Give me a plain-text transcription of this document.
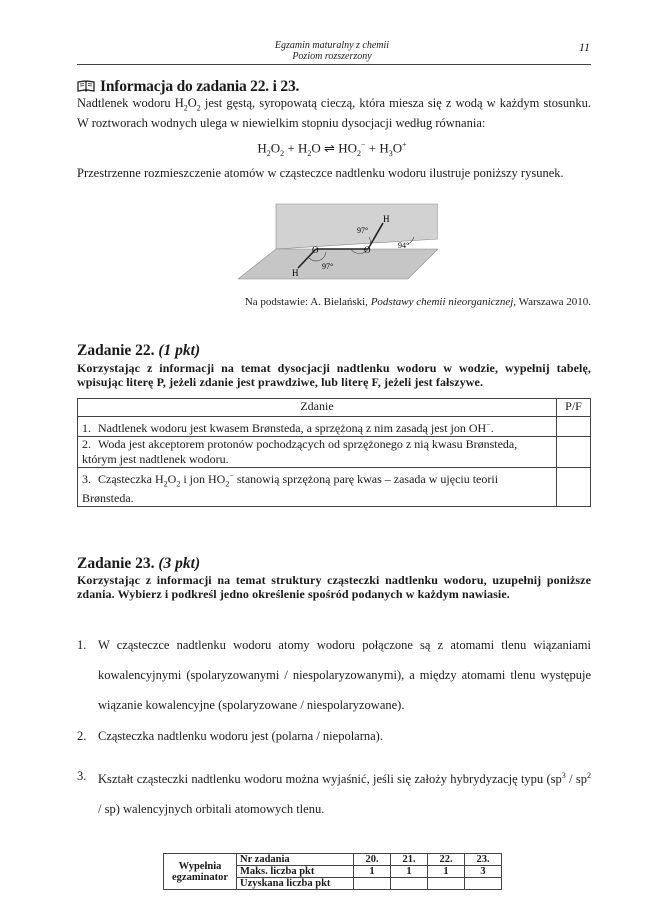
Egzamin maturalny z chemii
Poziom rozszerzony
11
Informacja do zadania 22. i 23.
Nadtlenek wodoru $H_2O_2$ jest gęstą, syropowatą cieczą, która miesza się z wodą w każdym stosunku. W roztworach wodnych ulega w niewielkim stopniu dysocjacji według równania:
$H_2O_2 + H_2O$ ⇌ $HO_2^- + H_3O^+$
Przestrzenne rozmieszczenie atomów w cząsteczce nadtlenku wodoru ilustruje poniższy rysunek.
O	O
H
H
97°
97°
94°
Na podstawie: A. Bielański, Podstawy chemii nieorganicznej, Warszawa 2010.
Zadanie 22. (1 pkt)
Korzystając z informacji na temat dysocjacji nadtlenku wodoru w wodzie, wypełnij tabelę, wpisując literę P, jeżeli zdanie jest prawdziwe, lub literę F, jeżeli jest fałszywe.
Zdanie	P/F
1. Nadtlenek wodoru jest kwasem Brønsteda, a sprzężoną z nim zasadą jest jon OH−.	
2. Woda jest akceptorem protonów pochodzących od sprzężonego z nią kwasu Brønsteda, którym jest nadtlenek wodoru.	
3. Cząsteczka $H_2O_2$ i jon $HO_2^-$ stanowią sprzężoną parę kwas – zasada w ujęciu teorii Brønsteda.	
Zadanie 23. (3 pkt)
Korzystając z informacji na temat struktury cząsteczki nadtlenku wodoru, uzupełnij poniższe zdania. Wybierz i podkreśl jedno określenie spośród podanych w każdym nawiasie.
1. W cząsteczce nadtlenku wodoru atomy wodoru połączone są z atomami tlenu wiązaniami kowalencyjnymi (spolaryzowanymi / niespolaryzowanymi), a między atomami tlenu występuje wiązanie kowalencyjne (spolaryzowane / niespolaryzowane).
2. Cząsteczka nadtlenku wodoru jest (polarna / niepolarna).
3. Kształt cząsteczki nadtlenku wodoru można wyjaśnić, jeśli się założy hybrydyzację typu $(sp^3 / sp^2 / sp)$ walencyjnych orbitali atomowych tlenu.
Wypełnia
egzaminator	Nr zadania	20.	21.	22.	23.
	Maks. liczba pkt	1	1	1	3
	Uzyskana liczba pkt				
